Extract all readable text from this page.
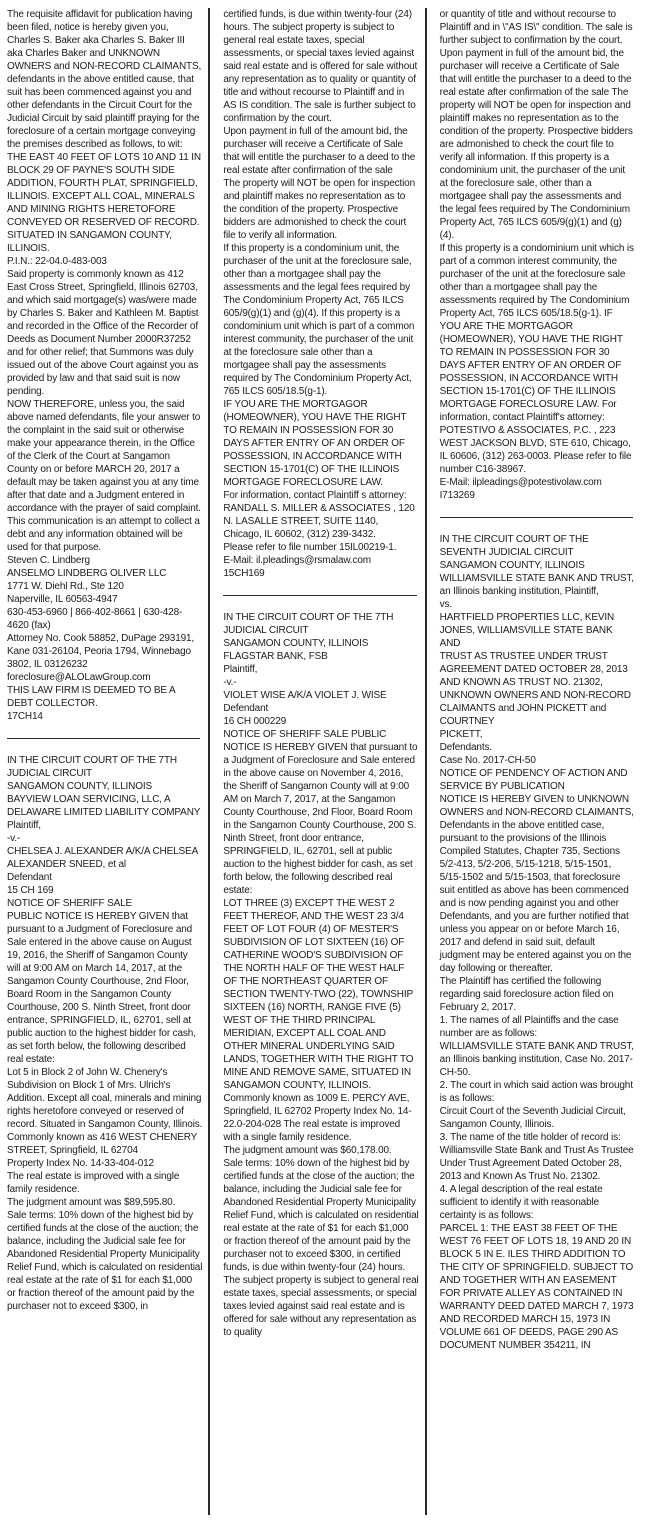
The requisite affidavit for publication having been filed, notice is hereby given you, Charles S. Baker aka Charles S. Baker III aka Charles Baker and UNKNOWN OWNERS and NON-RECORD CLAIMANTS, defendants in the above entitled cause, that suit has been commenced against you and other defendants in the Circuit Court for the Judicial Circuit by said plaintiff praying for the foreclosure of a certain mortgage conveying the premises described as follows, to wit:

THE EAST 40 FEET OF LOTS 10 AND 11 IN BLOCK 29 OF PAYNE'S SOUTH SIDE ADDITION, FOURTH PLAT, SPRINGFIELD, ILLINOIS. EXCEPT ALL COAL, MINERALS AND MINING RIGHTS HERETOFORE CONVEYED OR RESERVED OF RECORD. SITUATED IN SANGAMON COUNTY, ILLINOIS.

P.I.N.: 22-04.0-483-003

Said property is commonly known as 412 East Cross Street, Springfield, Illinois 62703, and which said mortgage(s) was/were made by Charles S. Baker and Kathleen M. Baptist and recorded in the Office of the Recorder of Deeds as Document Number 2000R37252 and for other relief; that Summons was duly issued out of the above Court against you as provided by law and that said suit is now pending.

NOW THEREFORE, unless you, the said above named defendants, file your answer to the complaint in the said suit or otherwise make your appearance therein, in the Office of the Clerk of the Court at Sangamon County on or before MARCH 20, 2017 a default may be taken against you at any time after that date and a Judgment entered in accordance with the prayer of said complaint. This communication is an attempt to collect a debt and any information obtained will be used for that purpose.

Steven C. Lindberg

ANSELMO LINDBERG OLIVER LLC

1771 W. Diehl Rd., Ste 120

Naperville, IL 60563-4947

630-453-6960 | 866-402-8661 | 630-428-4620 (fax)

Attorney No. Cook 58852, DuPage 293191, Kane 031-26104, Peoria 1794, Winnebago 3802, IL 03126232

foreclosure@ALOLawGroup.com

THIS LAW FIRM IS DEEMED TO BE A DEBT COLLECTOR.

17CH14

IN THE CIRCUIT COURT OF THE 7TH JUDICIAL CIRCUIT

SANGAMON COUNTY, ILLINOIS

BAYVIEW LOAN SERVICING, LLC, A DELAWARE LIMITED LIABILITY COMPANY

Plaintiff,

-v.-

CHELSEA J. ALEXANDER A/K/A CHELSEA ALEXANDER SNEED, et al

Defendant

15 CH 169

NOTICE OF SHERIFF SALE

PUBLIC NOTICE IS HEREBY GIVEN that pursuant to a Judgment of Foreclosure and Sale entered in the above cause on August 19, 2016, the Sheriff of Sangamon County will at 9:00 AM on March 14, 2017, at the Sangamon County Courthouse, 2nd Floor, Board Room in the Sangamon County Courthouse, 200 S. Ninth Street, front door entrance, SPRINGFIELD, IL, 62701, sell at public auction to the highest bidder for cash, as set forth below, the following described real estate:

Lot 5 in Block 2 of John W. Chenery's Subdivision on Block 1 of Mrs. Ulrich's Addition. Except all coal, minerals and mining rights heretofore conveyed or reserved of record. Situated in Sangamon County, Illinois.

Commonly known as 416 WEST CHENERY STREET, Springfield, IL 62704

Property Index No. 14-33-404-012

The real estate is improved with a single family residence.

The judgment amount was $89,595.80.

Sale terms: 10% down of the highest bid by certified funds at the close of the auction; the balance, including the Judicial sale fee for Abandoned Residential Property Municipality Relief Fund, which is calculated on residential real estate at the rate of $1 for each $1,000 or fraction thereof of the amount paid by the purchaser not to exceed $300, in

certified funds, is due within twenty-four (24) hours. The subject property is subject to general real estate taxes, special assessments, or special taxes levied against said real estate and is offered for sale without any representation as to quality or quantity of title and without recourse to Plaintiff and in AS IS condition. The sale is further subject to confirmation by the court.

Upon payment in full of the amount bid, the purchaser will receive a Certificate of Sale that will entitle the purchaser to a deed to the real estate after confirmation of the sale

The property will NOT be open for inspection and plaintiff makes no representation as to the condition of the property. Prospective bidders are admonished to check the court file to verify all information.

If this property is a condominium unit, the purchaser of the unit at the foreclosure sale, other than a mortgagee shall pay the assessments and the legal fees required by The Condominium Property Act, 765 ILCS 605/9(g)(1) and (g)(4). If this property is a condominium unit which is part of a common interest community, the purchaser of the unit at the foreclosure sale other than a mortgagee shall pay the assessments required by The Condominium Property Act, 765 ILCS 605/18.5(g-1).

IF YOU ARE THE MORTGAGOR (HOMEOWNER), YOU HAVE THE RIGHT TO REMAIN IN POSSESSION FOR 30 DAYS AFTER ENTRY OF AN ORDER OF POSSESSION, IN ACCORDANCE WITH SECTION 15-1701(C) OF THE ILLINOIS MORTGAGE FORECLOSURE LAW.

For information, contact Plaintiff s attorney: RANDALL S. MILLER & ASSOCIATES , 120 N. LASALLE STREET, SUITE 1140, Chicago, IL 60602, (312) 239-3432.

Please refer to file number 15IL00219-1.

E-Mail: il.pleadings@rsmalaw.com

15CH169

IN THE CIRCUIT COURT OF THE 7TH JUDICIAL CIRCUIT

SANGAMON COUNTY, ILLINOIS

FLAGSTAR BANK, FSB

Plaintiff,

-v.-

VIOLET WISE A/K/A VIOLET J. WISE

Defendant

16 CH 000229

NOTICE OF SHERIFF SALE PUBLIC NOTICE IS HEREBY GIVEN that pursuant to a Judgment of Foreclosure and Sale entered in the above cause on November 4, 2016, the Sheriff of Sangamon County will at 9:00 AM on March 7, 2017, at the Sangamon County Courthouse, 2nd Floor, Board Room in the Sangamon County Courthouse, 200 S. Ninth Street, front door entrance, SPRINGFIELD, IL, 62701, sell at public auction to the highest bidder for cash, as set forth below, the following described real estate:

LOT THREE (3) EXCEPT THE WEST 2 FEET THEREOF, AND THE WEST 23 3/4 FEET OF LOT FOUR (4) OF MESTER'S SUBDIVISION OF LOT SIXTEEN (16) OF CATHERINE WOOD'S SUBDIVISION OF THE NORTH HALF OF THE WEST HALF OF THE NORTHEAST QUARTER OF SECTION TWENTY-TWO (22), TOWNSHIP SIXTEEN (16) NORTH, RANGE FIVE (5) WEST OF THE THIRD PRINCIPAL MERIDIAN, EXCEPT ALL COAL AND OTHER MINERAL UNDERLYING SAID LANDS, TOGETHER WITH THE RIGHT TO MINE AND REMOVE SAME, SITUATED IN SANGAMON COUNTY, ILLINOIS.

Commonly known as 1009 E. PERCY AVE, Springfield, IL 62702 Property Index No. 14-22.0-204-028 The real estate is improved with a single family residence.

The judgment amount was $60,178.00.

Sale terms: 10% down of the highest bid by certified funds at the close of the auction; the balance, including the Judicial sale fee for Abandoned Residential Property Municipality Relief Fund, which is calculated on residential real estate at the rate of $1 for each $1,000 or fraction thereof of the amount paid by the purchaser not to exceed $300, in certified funds, is due within twenty-four (24) hours. The subject property is subject to general real estate taxes, special assessments, or special taxes levied against said real estate and is offered for sale without any representation as to quality

or quantity of title and without recourse to Plaintiff and in \"AS IS\" condition. The sale is further subject to confirmation by the court. Upon payment in full of the amount bid, the purchaser will receive a Certificate of Sale that will entitle the purchaser to a deed to the real estate after confirmation of the sale The property will NOT be open for inspection and plaintiff makes no representation as to the condition of the property. Prospective bidders are admonished to check the court file to verify all information. If this property is a condominium unit, the purchaser of the unit at the foreclosure sale, other than a mortgagee shall pay the assessments and the legal fees required by The Condominium Property Act, 765 ILCS 605/9(g)(1) and (g)(4).

If this property is a condominium unit which is part of a common interest community, the purchaser of the unit at the foreclosure sale other than a mortgagee shall pay the assessments required by The Condominium Property Act, 765 ILCS 605/18.5(g-1). IF YOU ARE THE MORTGAGOR (HOMEOWNER), YOU HAVE THE RIGHT TO REMAIN IN POSSESSION FOR 30 DAYS AFTER ENTRY OF AN ORDER OF POSSESSION, IN ACCORDANCE WITH SECTION 15-1701(C) OF THE ILLINOIS MORTGAGE FORECLOSURE LAW. For information, contact Plaintiff's attorney: POTESTIVO & ASSOCIATES, P.C. , 223 WEST JACKSON BLVD, STE 610, Chicago, IL 60606, (312) 263-0003. Please refer to file number C16-38967.

E-Mail: ilpleadings@potestivolaw.com

I713269

IN THE CIRCUIT COURT OF THE SEVENTH JUDICIAL CIRCUIT

SANGAMON COUNTY, ILLINOIS

WILLIAMSVILLE STATE BANK AND TRUST, an Illinois banking institution, Plaintiff,

vs.

HARTFIELD PROPERTIES LLC, KEVIN JONES, WILLIAMSVILLE STATE BANK AND

TRUST AS TRUSTEE UNDER TRUST AGREEMENT DATED OCTOBER 28, 2013 AND KNOWN AS TRUST NO. 21302, UNKNOWN OWNERS AND NON-RECORD CLAIMANTS and JOHN PICKETT and COURTNEY

PICKETT,

Defendants.

Case No. 2017-CH-50

NOTICE OF PENDENCY OF ACTION AND SERVICE BY PUBLICATION

NOTICE IS HEREBY GIVEN to UNKNOWN OWNERS and NON-RECORD CLAIMANTS, Defendants in the above entitled case, pursuant to the provisions of the Illinois Compiled Statutes, Chapter 735, Sections 5/2-413, 5/2-206, 5/15-1218, 5/15-1501, 5/15-1502 and 5/15-1503, that foreclosure suit entitled as above has been commenced and is now pending against you and other Defendants, and you are further notified that unless you appear on or before March 16, 2017 and defend in said suit, default judgment may be entered against you on the day following or thereafter.

The Plaintiff has certified the following regarding said foreclosure action filed on February 2, 2017.

1. The names of all Plaintiffs and the case number are as follows:

WILLIAMSVILLE STATE BANK AND TRUST, an Illinois banking institution, Case No. 2017-CH-50.

2. The court in which said action was brought is as follows:

Circuit Court of the Seventh Judicial Circuit, Sangamon County, Illinois.

3. The name of the title holder of record is:

Williamsville State Bank and Trust As Trustee Under Trust Agreement Dated October 28, 2013 and Known As Trust No. 21302.

4. A legal description of the real estate sufficient to identify it with reasonable certainty is as follows:

PARCEL 1: THE EAST 38 FEET OF THE WEST 76 FEET OF LOTS 18, 19 AND 20 IN BLOCK 5 IN E. ILES THIRD ADDITION TO THE CITY OF SPRINGFIELD. SUBJECT TO AND TOGETHER WITH AN EASEMENT FOR PRIVATE ALLEY AS CONTAINED IN WARRANTY DEED DATED MARCH 7, 1973 AND RECORDED MARCH 15, 1973 IN VOLUME 661 OF DEEDS, PAGE 290 AS DOCUMENT NUMBER 354211, IN
